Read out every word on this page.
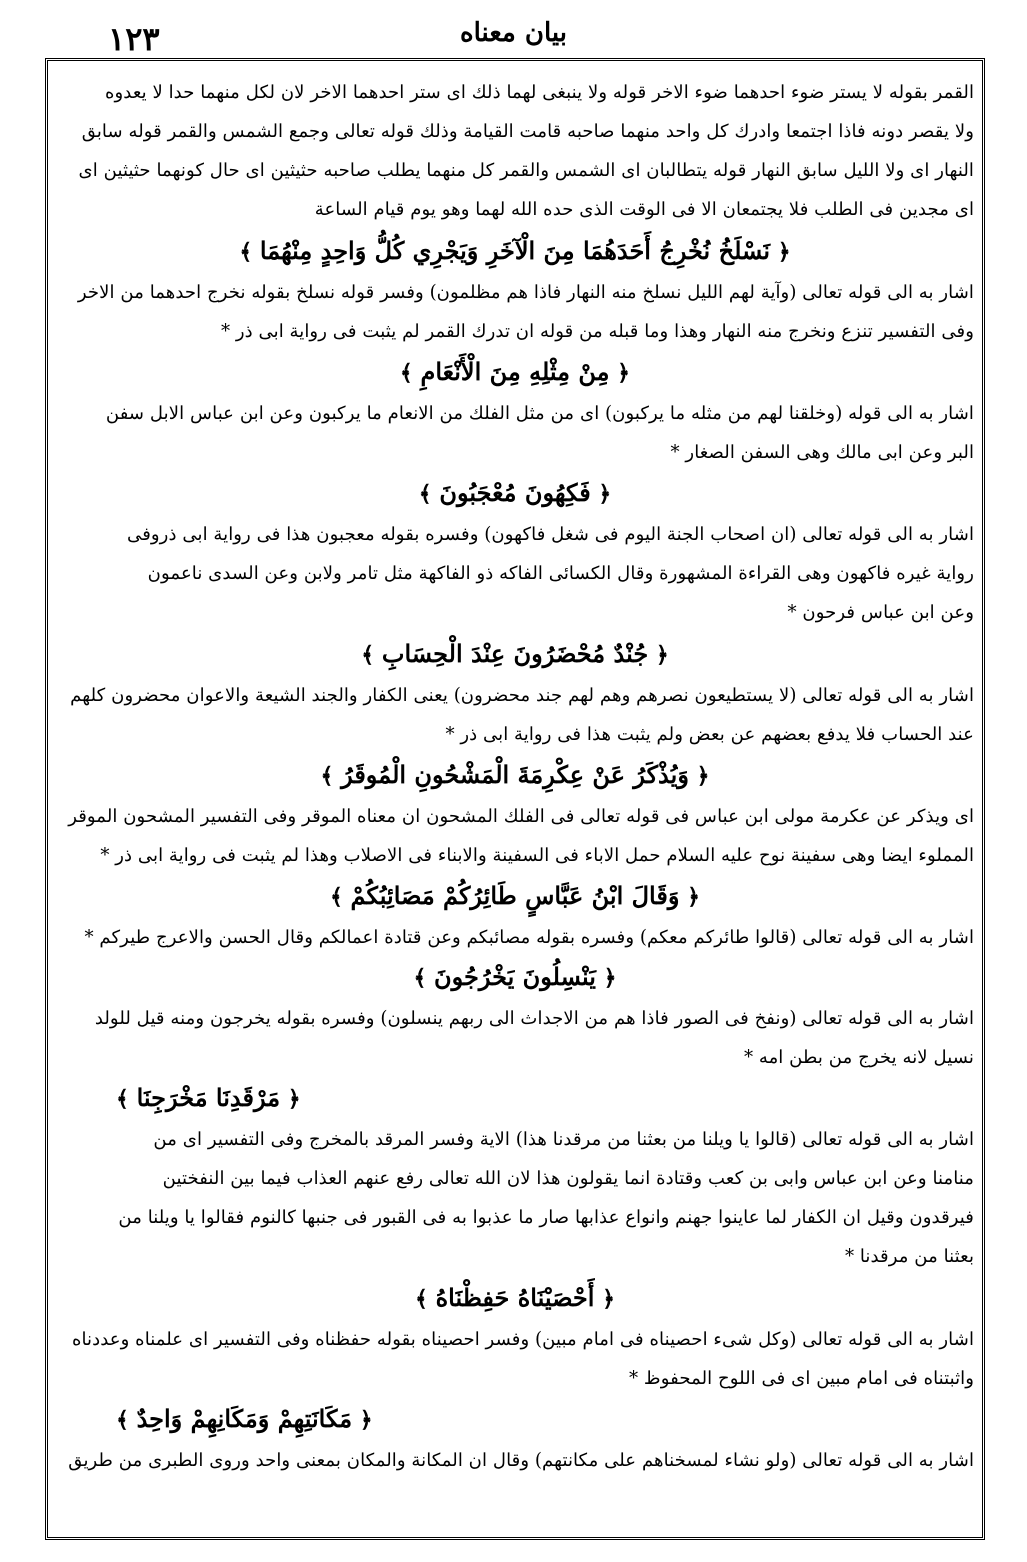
۱۲۳	بیان معناه
القمر بقوله لا یستر ضوء احدهما ضوء الاخر قوله ولا ینبغی لهما ذلك ای ستر احدهما الاخر لان لكل منهما حدا لا یعدوه
ولا یقصر دونه فاذا اجتمعا وادرك كل واحد منهما صاحبه قامت القیامة وذلك قوله تعالی وجمع الشمس والقمر قوله سابق
النهار ای ولا اللیل سابق النهار قوله یتطالبان ای الشمس والقمر كل منهما یطلب صاحبه حثیثین ای حال كونهما حثیثین ای
ای مجدین فی الطلب فلا یجتمعان الا فی الوقت الذی حده الله لهما وهو یوم قیام الساعة
﴿ نَسْلَخُ نُخْرِجُ أَحَدَهُمَا مِنَ الْآخَرِ وَيَجْرِي كُلُّ وَاحِدٍ مِنْهُمَا ﴾
اشار به الی قوله تعالی (وآیة لهم اللیل نسلخ منه النهار فاذا هم مظلمون) وفسر قوله نسلخ بقوله نخرج احدهما من الاخر
وفی التفسیر تنزع ونخرج منه النهار وهذا وما قبله من قوله ان تدرك القمر لم یثبت فی روایة ابی ذر *
﴿ مِنْ مِثْلِهِ مِنَ الْأَنْعَامِ ﴾
اشار به الی قوله (وخلقنا لهم من مثله ما یركبون) ای من مثل الفلك من الانعام ما یركبون وعن ابن عباس الابل سفن
البر وعن ابی مالك وهی السفن الصغار *
﴿ فَكِهُونَ مُعْجَبُونَ ﴾
اشار به الی قوله تعالی (ان اصحاب الجنة الیوم فی شغل فاكهون) وفسره بقوله معجبون هذا فی روایة ابی ذروفی
روایة غیره فاكهون وهی القراءة المشهورة وقال الكسائی الفاكه ذو الفاكهة مثل تامر ولابن وعن السدی ناعمون
وعن ابن عباس فرحون *
﴿ جُنْدٌ مُحْضَرُونَ عِنْدَ الْحِسَابِ ﴾
اشار به الی قوله تعالی (لا یستطیعون نصرهم وهم لهم جند محضرون) یعنی الكفار والجند الشیعة والاعوان محضرون كلهم
عند الحساب فلا یدفع بعضهم عن بعض ولم یثبت هذا فی روایة ابی ذر *
﴿ وَيُذْكَرُ عَنْ عِكْرِمَةَ الْمَشْحُونِ الْمُوقَرُ ﴾
ای ویذكر عن عكرمة مولی ابن عباس فی قوله تعالی فی الفلك المشحون ان معناه الموقر وفی التفسیر المشحون الموقر
المملوء ایضا وهی سفینة نوح علیه السلام حمل الاباء فی السفینة والابناء فی الاصلاب وهذا لم یثبت فی روایة ابی ذر *
﴿ وَقَالَ ابْنُ عَبَّاسٍ طَائِرُكُمْ مَصَائِبُكُمْ ﴾
اشار به الی قوله تعالی (قالوا طائركم معكم) وفسره بقوله مصائبكم وعن قتادة اعمالكم وقال الحسن والاعرج طیركم *
﴿ يَنْسِلُونَ يَخْرُجُونَ ﴾
اشار به الی قوله تعالی (ونفخ فی الصور فاذا هم من الاجداث الی ربهم ینسلون) وفسره بقوله یخرجون ومنه قیل للولد
نسیل لانه یخرج من بطن امه *
﴿ مَرْقَدِنَا مَخْرَجِنَا ﴾
اشار به الی قوله تعالی (قالوا یا ویلنا من بعثنا من مرقدنا هذا) الایة وفسر المرقد بالمخرج وفی التفسیر ای من
منامنا وعن ابن عباس وابی بن كعب وقتادة انما یقولون هذا لان الله تعالی رفع عنهم العذاب فیما بین النفختین
فیرقدون وقیل ان الكفار لما عاینوا جهنم وانواع عذابها صار ما عذبوا به فی القبور فی جنبها كالنوم فقالوا یا ویلنا من
بعثنا من مرقدنا *
﴿ أَحْصَيْنَاهُ حَفِظْنَاهُ ﴾
اشار به الی قوله تعالی (وكل شیء احصیناه فی امام مبین) وفسر احصیناه بقوله حفظناه وفی التفسیر ای علمناه وعددناه
واثبتناه فی امام مبین ای فی اللوح المحفوظ *
﴿ مَكَانَتِهِمْ وَمَكَانِهِمْ وَاحِدٌ ﴾
اشار به الی قوله تعالی (ولو نشاء لمسخناهم علی مكانتهم) وقال ان المكانة والمكان بمعنی واحد وروی الطبری من طریق
